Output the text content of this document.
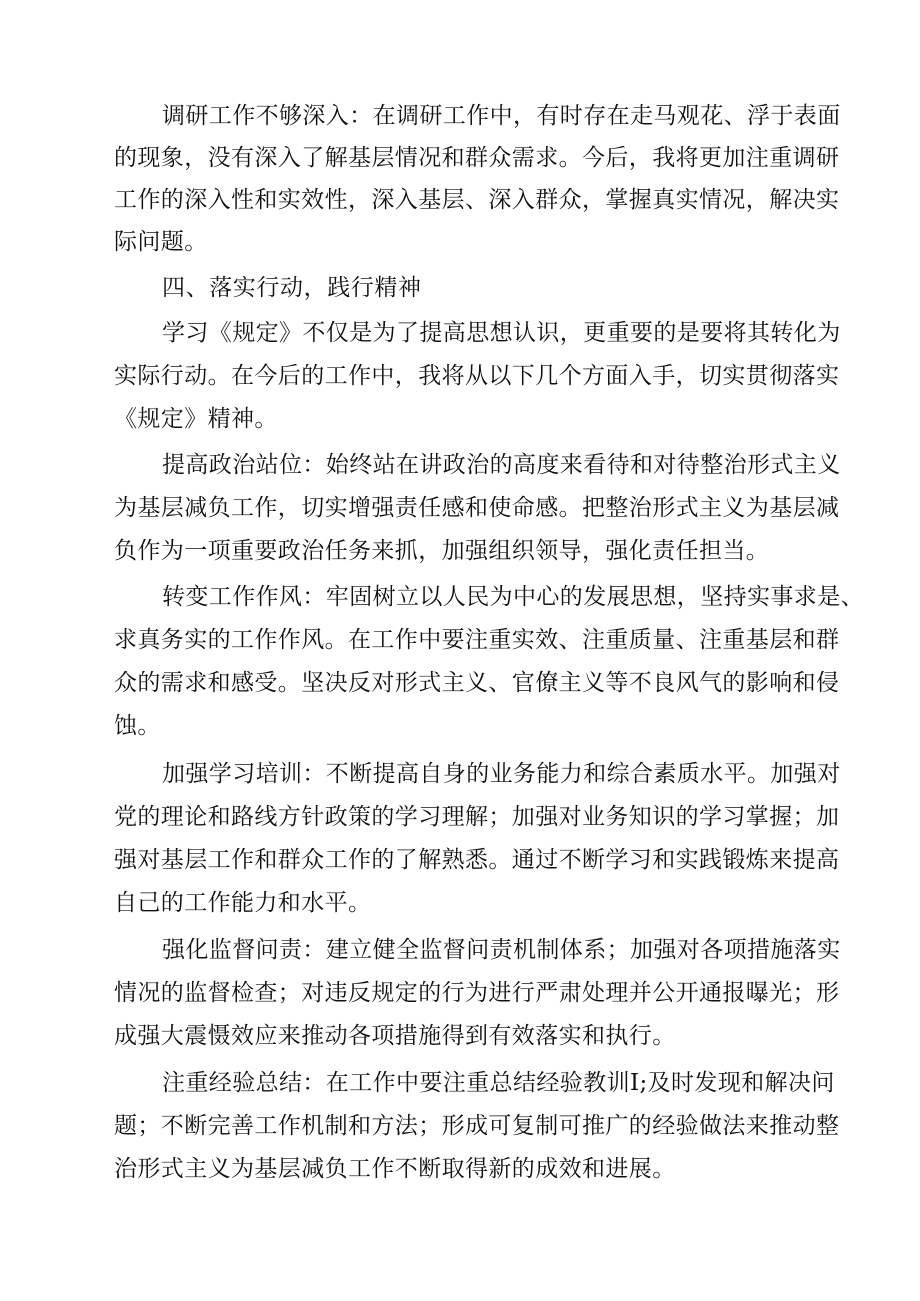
调研工作不够深入：在调研工作中，有时存在走马观花、浮于表面
的现象，没有深入了解基层情况和群众需求。今后，我将更加注重调研
工作的深入性和实效性，深入基层、深入群众，掌握真实情况，解决实
际问题。
四、落实行动，践行精神
学习《规定》不仅是为了提高思想认识，更重要的是要将其转化为
实际行动。在今后的工作中，我将从以下几个方面入手，切实贯彻落实
《规定》精神。
提高政治站位：始终站在讲政治的高度来看待和对待整治形式主义
为基层减负工作，切实增强责任感和使命感。把整治形式主义为基层减
负作为一项重要政治任务来抓，加强组织领导，强化责任担当。
转变工作作风：牢固树立以人民为中心的发展思想，坚持实事求是、
求真务实的工作作风。在工作中要注重实效、注重质量、注重基层和群
众的需求和感受。坚决反对形式主义、官僚主义等不良风气的影响和侵
蚀。
加强学习培训：不断提高自身的业务能力和综合素质水平。加强对
党的理论和路线方针政策的学习理解；加强对业务知识的学习掌握；加
强对基层工作和群众工作的了解熟悉。通过不断学习和实践锻炼来提高
自己的工作能力和水平。
强化监督问责：建立健全监督问责机制体系；加强对各项措施落实
情况的监督检查；对违反规定的行为进行严肃处理并公开通报曝光；形
成强大震慑效应来推动各项措施得到有效落实和执行。
注重经验总结：在工作中要注重总结经验教训I;及时发现和解决问
题；不断完善工作机制和方法；形成可复制可推广的经验做法来推动整
治形式主义为基层减负工作不断取得新的成效和进展。
